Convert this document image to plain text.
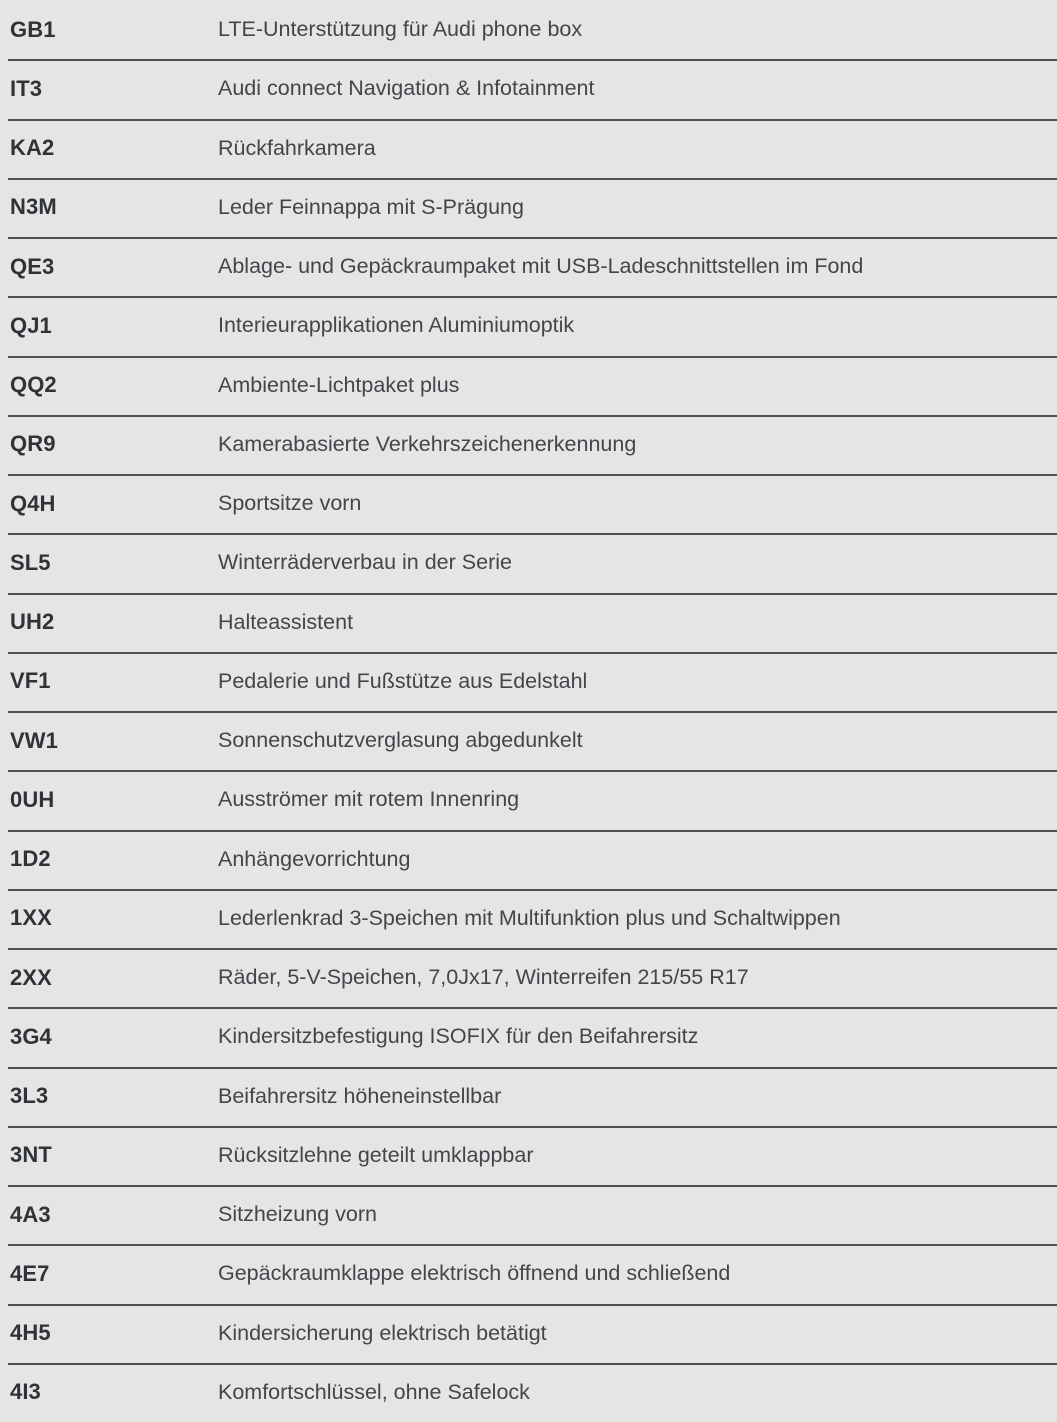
GB1	LTE-Unterstützung für Audi phone box
IT3	Audi connect Navigation & Infotainment
KA2	Rückfahrkamera
N3M	Leder Feinnappa mit S-Prägung
QE3	Ablage- und Gepäckraumpaket mit USB-Ladeschnittstellen im Fond
QJ1	Interieurapplikationen Aluminiumoptik
QQ2	Ambiente-Lichtpaket plus
QR9	Kamerabasierte Verkehrszeichenerkennung
Q4H	Sportsitze vorn
SL5	Winterräderverbau in der Serie
UH2	Halteassistent
VF1	Pedalerie und Fußstütze aus Edelstahl
VW1	Sonnenschutzverglasung abgedunkelt
0UH	Ausströmer mit rotem Innenring
1D2	Anhängevorrichtung
1XX	Lederlenkrad 3-Speichen mit Multifunktion plus und Schaltwippen
2XX	Räder, 5-V-Speichen, 7,0Jx17, Winterreifen 215/55 R17
3G4	Kindersitzbefestigung ISOFIX für den Beifahrersitz
3L3	Beifahrersitz höheneinstellbar
3NT	Rücksitzlehne geteilt umklappbar
4A3	Sitzheizung vorn
4E7	Gepäckraumklappe elektrisch öffnend und schließend
4H5	Kindersicherung elektrisch betätigt
4I3	Komfortschlüssel, ohne Safelock
